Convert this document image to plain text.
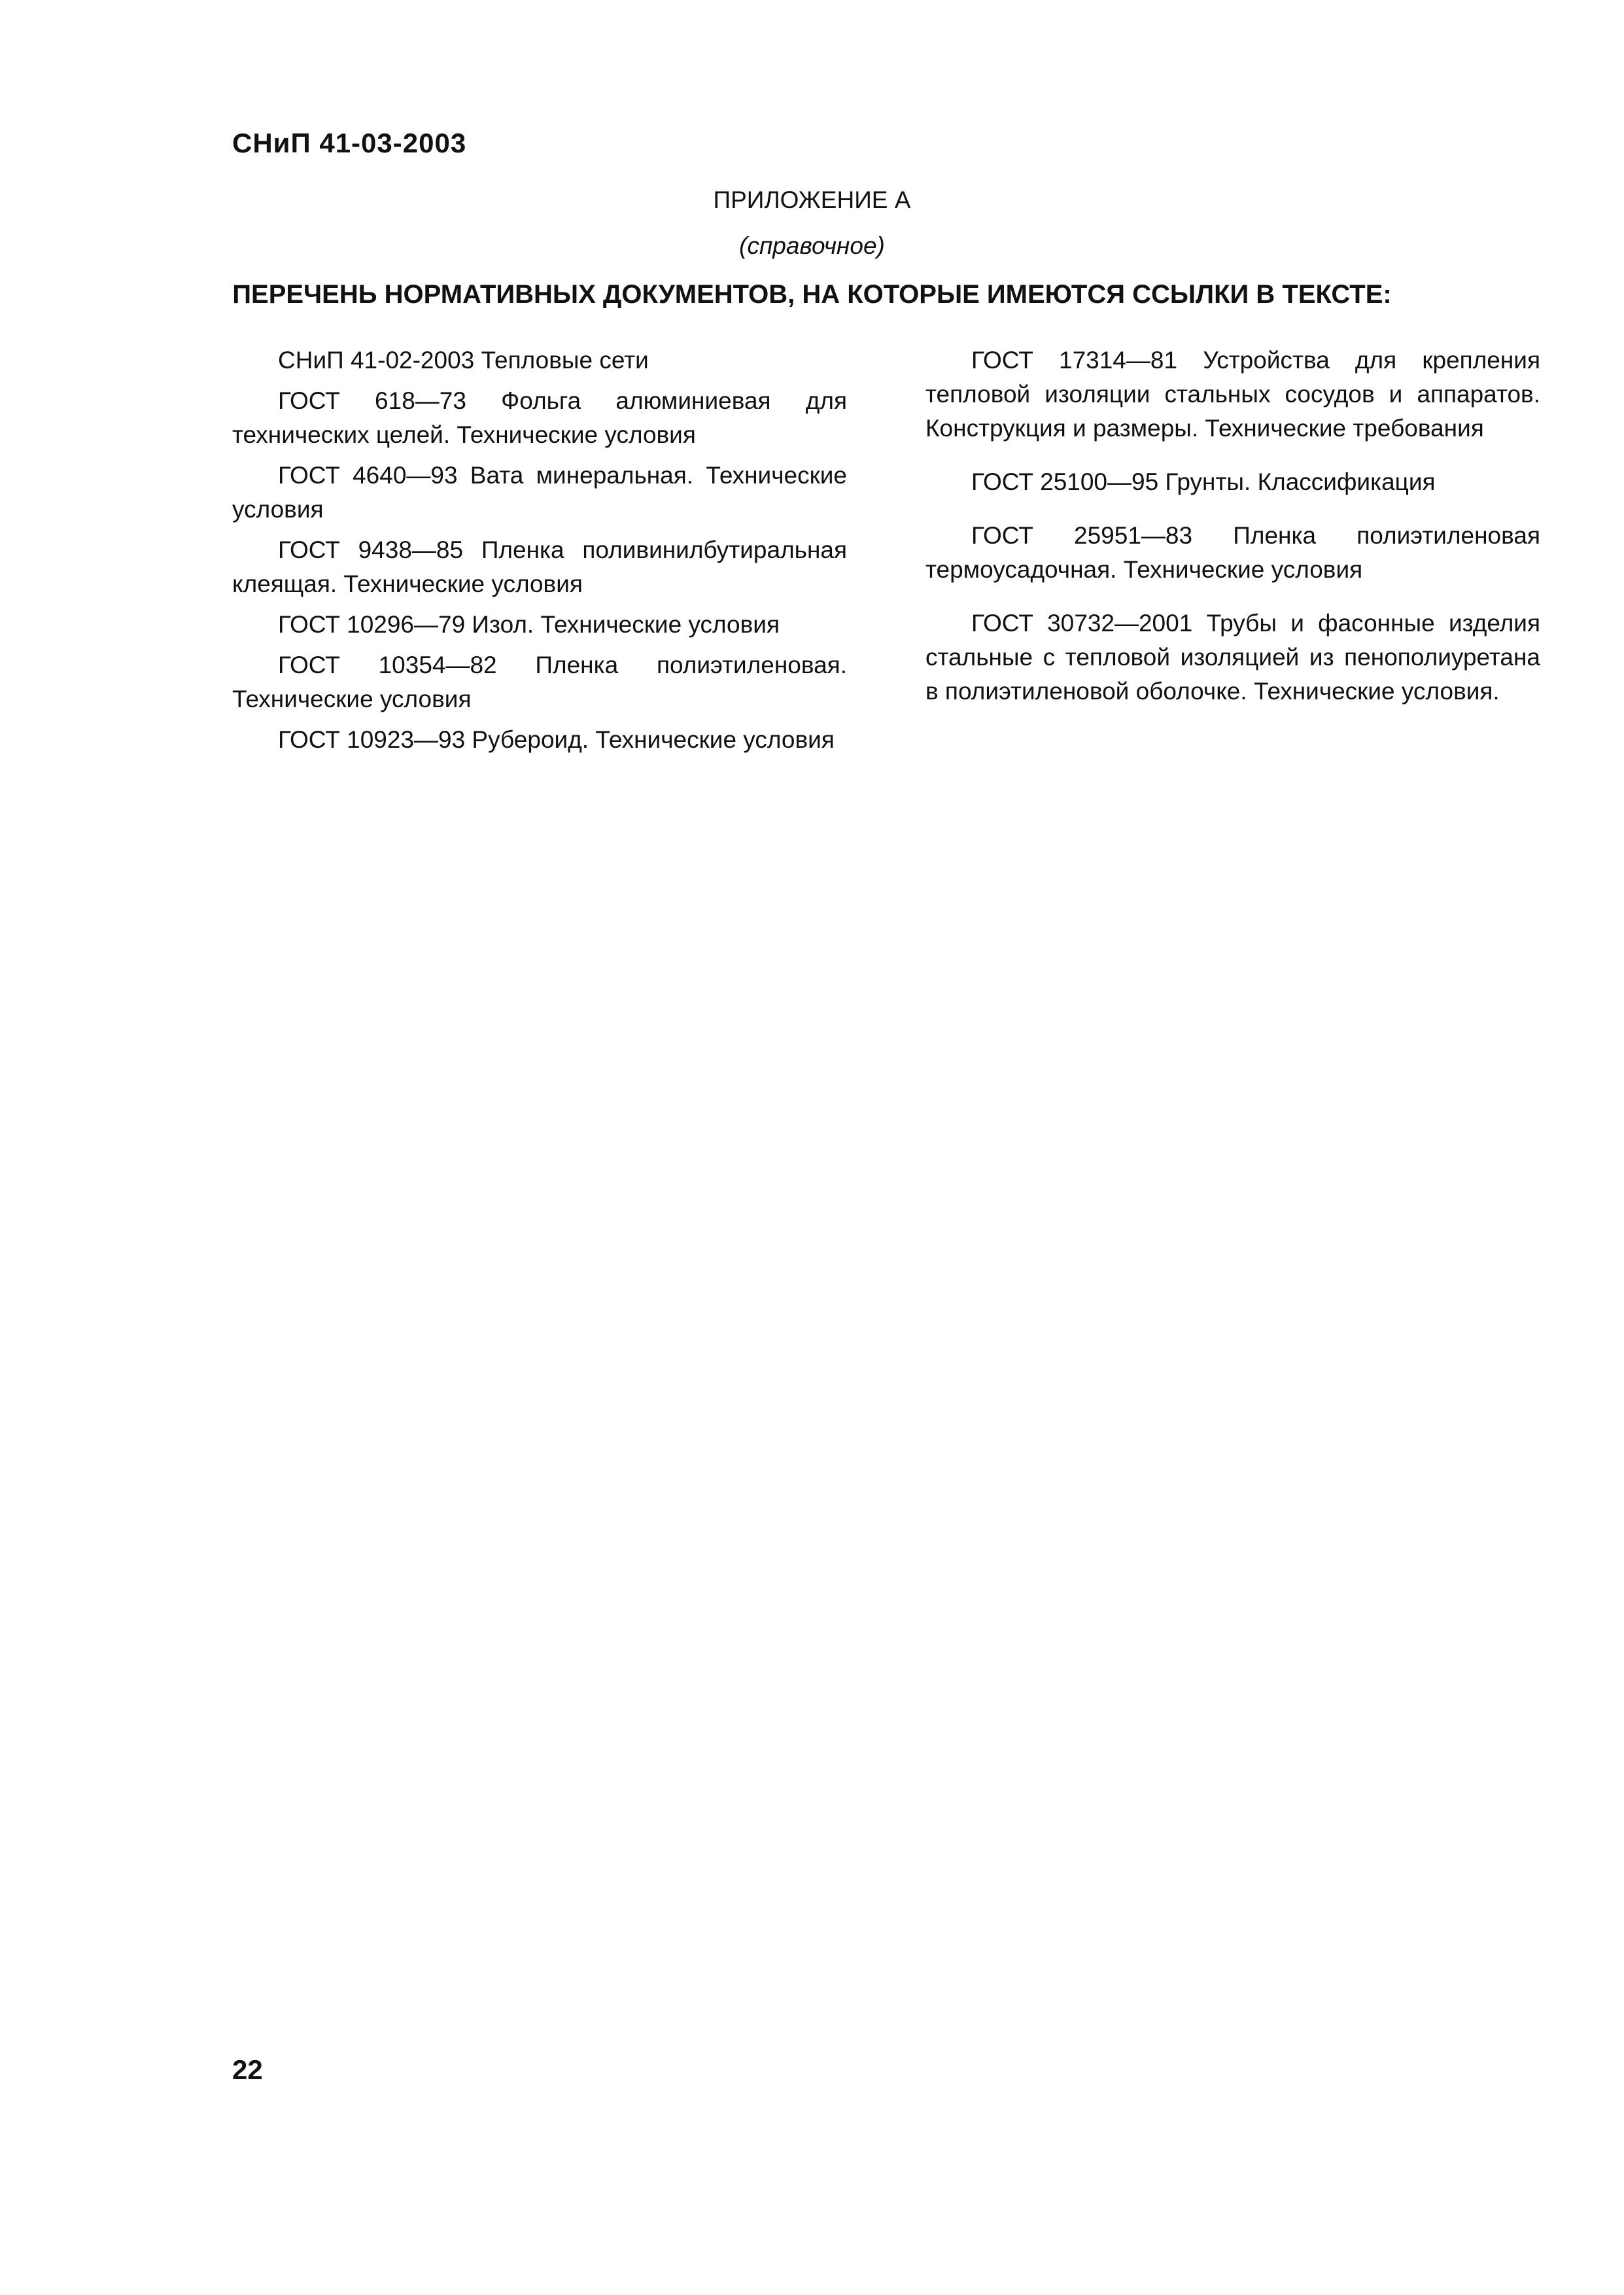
СНиП 41-03-2003

ПРИЛОЖЕНИЕ А

(справочное)

ПЕРЕЧЕНЬ НОРМАТИВНЫХ ДОКУМЕНТОВ, НА КОТОРЫЕ ИМЕЮТСЯ ССЫЛКИ В ТЕКСТЕ:
СНиП 41-02-2003 Тепловые сети
ГОСТ 618—73 Фольга алюминиевая для технических целей. Технические условия
ГОСТ 4640—93 Вата минеральная. Технические условия
ГОСТ 9438—85 Пленка поливинилбутиральная клеящая. Технические условия
ГОСТ 10296—79 Изол. Технические условия
ГОСТ 10354—82 Пленка полиэтиленовая. Технические условия
ГОСТ 10923—93 Рубероид. Технические условия
ГОСТ 17314—81 Устройства для крепления тепловой изоляции стальных сосудов и аппаратов. Конструкция и размеры. Технические требования
ГОСТ 25100—95 Грунты. Классификация
ГОСТ 25951—83 Пленка полиэтиленовая термоусадочная. Технические условия
ГОСТ 30732—2001 Трубы и фасонные изделия стальные с тепловой изоляцией из пенополиуретана в полиэтиленовой оболочке. Технические условия.

22
